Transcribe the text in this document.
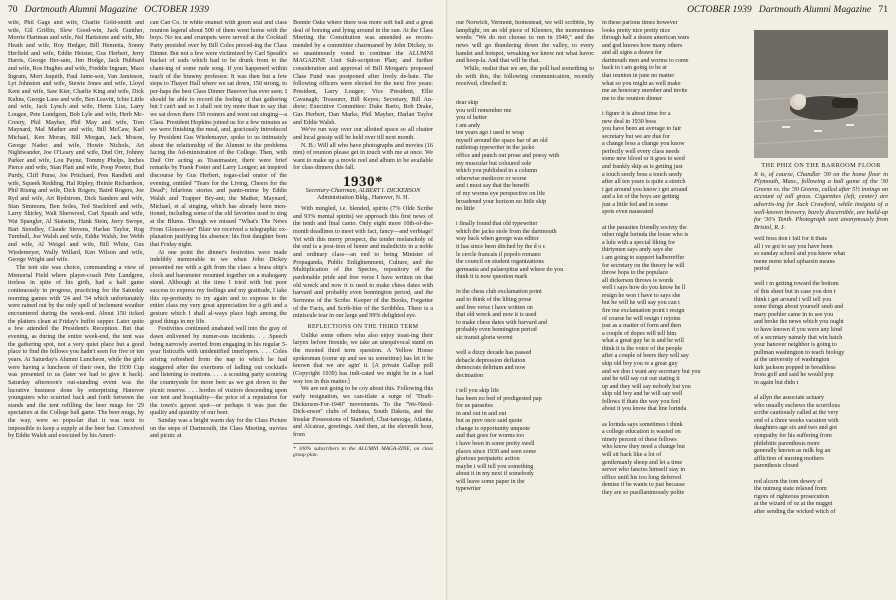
70 Dartmouth Alumni Magazine OCTOBER 1939

wife, Phil Gage and wife, Charlie Gold-smith and wife, Gil Griffin, Slew Good-win, Jack Gunther, Morrie Hartman and wife, Nel Hartstone and wife, Mo Heath and wife, Roy Hedger, Bill Henretta, Sonny Herfield and wife, Eddie Heister, Gus Herbert, Jerry Harris, George Her-sam, Jim Hodge, Jack Hubbard and wife, Ros Hughes and wife, Freddie Ingram, Mace Ingram, Mort Jaquith, Paul Jame-son, Van Jamieson, Lyt Johnston and wife, Stewie Jones and wife, Lloyd Kent and wife, Saw Kier, Charlie King and wife, Dick Kuhns, George Lane and wife, Ben Leavitt, Ichie Little and wife, Jack Lynch and wife, Herm Liss, Larry Lougee, Pete Lundgren, Bob Lyle and wife, Herb Mc-Creery, Phil Mayher, Phil May and wife, Tom Maynard, Mal Mather and wife, Bill McCaw, Karl Michael, Ken Moran, Bill Morgan, Jack Moson, George Nador and wife, Howie Nichols, Art Nightwander, Joe O'Leary and wife, Dud Orr, Johnny Parker and wife, Lou Payne, Tommy Phelps, Inches Pierce and wife, Stan Platt and wife, Poop Poeter, Bud Purdy, Cliff Purse, Joe Pritchard, Pres Randlett and wife, Squeek Redding, Hal Ripley, Heinie Richardson, Phil Rising and wife, Dick Rogers, Baird Rogers, Joe Ryd and wife, Art Rydstrom, Dick Sanders and wife, Stan Simmons, Ben Soles, Ted Stackford and wife, Larry Shirley, Walt Sherwood, Carl Speath and wife, Wat Spangler, Al Statsetts, Hank Stein, Jerry Swope, Bart Stoodley, Claude Stevens, Harlan Taylor, Rog Turnbull, Joe Walsh and wife, Eddie Walsh, Joe Webb and wife, Al Weigel and wife, Bill White, Gus Wiedemeyer, Wally Willard, Ken Wilson and wife, George Wright and wife.

The tent site was choice, commanding a view of Memorial Field where player-coach Pete Lundgren, tireless in spite of his girth, had a half game continuously in progress, practicing for the Saturday morning games with '24 and '34 which unfortunately were rained out by the only spell of inclement weather encountered during the week-end. About 150 ticked the platters clean at Friday's buffet supper. Later quite a few attended the President's Reception. But that evening, as during the entire week-end, the tent was the gathering spot, not a very quiet place but a good place to find the fellows you hadn't seen for five or ten years. At Saturday's Alumni Luncheon, while the girls were having a luncheon of their own, the 1930 Cup was presented to us (later we had to give it back). Saturday afternoon's out-standing event was the lucrative business done by enterprising Hanover youngsters who scurried back and forth between the stands and the tent refilling the beer mugs for '29 spectators at the College ball game. The beer mugs, by the way, were so popu-lar that it was next to impossible to keep a supply at the beer bar. Conceived by Eddie Walsh and executed by his Ameri-

can Can Co. in white enamel with green seal and class reunion legend about 500 of them went home with the boys. No tea and crumpets were served at the Cocktail Party presided over by Bill Coles preced-ing the Class Dinner. But not a few were victimized by Carl Speath's bucket of suds which had to be drunk from to the chant-ing of some rude song. If you happened within reach of the brawny professor. It was then but a few steps to Thayer Hall where we sat down, 150 strong, to per-haps the best Class Dinner Hanover has ever seen. I should be able to record the feeling of that gathering but I can't and so I shall not try more than to say that we sat down there 150 reuners and went out singing—a Class. President Hopkins joined us for a few minutes as we were finishing the meal, and, graciously introduced by President Gus Wiedemayer, spoke to us intimately about the relationship of the Alumni to the problems facing the Ad-ministration of the College. Then, with Dud Orr acting as Toastmaster, there were brief remarks by Frank Foster and Larry Lougee; an inspired discourse by Gus Herbert, togas-clad orator of the evening, entitled "Tears for the Living, Cheers for the Dead"; hilarious stories and panto-mime by Eddie Walsh and Trapper Bry-ant; the Mather, Maynard, Michael, et al singing, which has already been men-tioned, including some of the old favorites used to sing at the Blums. Though we missed "What's The News From Glouces-ter" Blair we received a telegraphic ex-planation justifying his absence: his first daughter born that Friday night.

At one point the dinner's festivities were made indelibly memorable to we when John Dickey presented me with a gift from the class: a brass ship's clock and barometer mounted together on a mahogany stand. Although at the time I tried with but poor success to express my feelings and my gratitude, I take this op-portunity to try again and to express to the entire class my very great appreciation for a gift and a gesture which I shall al-ways place high among the good things in my life.

Festivities continued unabated well into the gray of dawn enlivened by numer-ous incidents. . . .Speech being narrowly averted from engaging in his regular 5-year fisticuffs with unidentified interlopers. . . . Coles arising refreshed from the nap to which he had staggered after the exertions of ladling out cocktails and listening to orations. . . . a scouting party scouring the countryside for more beer as we got down to the picnic reserve. . . . hordes of visitors descending upon our tent and hospitality—the price of a reputation for the town's gayest spot—or perhaps it was just the quality and quantity of our beer.

Sunday was a bright warm day for the Class Picture on the steps of Dartmouth, the Class Meeting, movies and picnic at

Bonnie Oaks where there was more soft ball and a great deal of horsing and lying around in the sun. At the Class Meeting the Constitution was amended as recom-mended by a committee chairmaned by John Dickey, to so unanimously voted to continue the ALUMNI MAGAZINE Unit Sub-scription Plan; and further consideration and approval of Bill Morgan's proposed Class Fund was postponed after lively de-bate. The following officers were elected for the next five years: President, Larry Lougee; Vice President, Ellie Cavanagh; Treasurer, Bill Keyes; Secretary, Bill An-drew; Executive Committee: Duke Barto, Bob Drake, Gus Herbert, Dan Marks, Phil Mayher, Harlan Taylor and Eddie Walsh.

We've run way over our allotted space so all chatter and local gossip will be held over till next month.

N. B.: Will all who have photographs and movies (16 mm) of reunion please get in touch with me at once. We want to make up a movie reel and album to be available for class dinners this fall.

1930*
Secretary-Chairman, ALBERT I. DICKERSON
Administration Bldg., Hanover, N. H.

With mingled, i.e. blended, spirits (7% Olde Scribe and 93% mental spirits) we approach this first news of the tenth and final canto. Only eight more 10th-of-the-month deadlines to meet with fact, fancy—and verbiage! Yet with this merry prospect, the tender melancholy of the end is a posi-tion of honor and maledictio in a noble and ordinary class—an end to being Minister of Propaganda, Public Enlightenment, Culture, and the Multiplication of the Species, repository of the pardonable pride and free verse I have written on that old wreck and now it is used to make chess dates with harvard and probably even bennington period, and the Sermons of the Scribe. Keeper of the Books, Forgetter of the Facts, and Scrib-bler of the Scribbles. There is a miniscule tear in our large and 99% delighted eye.

REFLECTIONS ON THE THIRD TERM

Unlike some others who also enjoy toast-ing their larynx before fireside, we take an unequivocal stand on the mooted third term question. A Yellow House spokesman (come up and see us sometime) has let it be known that we are agin' it. [A private Gallup poll (Copyright 1939) has indi-cated we might be in a bad way too in this matter.]

We are not going to be coy about this. Following this early resignation, we can-tilate a surge of "Draft-Dickerson-For-1940" movements. To the "We-Need-Dick-erson" clubs of Indiana, South Dakota, and the Insular Possessions of Stamford, Chat-tanooga, Atlanta, and Alcatraz, greetings. And then, at the eleventh hour, from

* 100% subscribers to the ALUMNI MAGA-ZINE, on class group plan.
OCTOBER 1939 Dartmouth Alumni Magazine 71

our Norwich, Vermont, homestead, we will scribble, by lamplight, on an old piece of Kleenex, the momentous words: "We do not choose to run in 1940," and the news will go thundering down the valley, to every hamlet and hotspot, wreaking we know not what havoc and hoop-la. And that will be that.

While, realist that we are, the poll had something to do with this, the following communication, recently received, clinched it:

dear skip
you will remember me
you ol better
i am andy
ten years ago i used to wrap
myself around the space bar of an old
rattletrap typewriter in the jacko
office and punch out prose and poesy with
my muscular but coloured sole
which you published in a column
otherwise mediocre or worse
and i must say that the benefit
of my worms eye perspective on life
broadened your horizon no little skip
no little

i finally found that old typewriter
which the jacko stole from the dartmouth
way back when george was editor
it has since been ditched by the d o c
le cercle francais il popolo romano
the council on student organizations
germania and palaeopitus and where do you
think it is now question mark

in the chess club exclamation point
and to think of the lilting prose
and free verse i have written on
that old wreck and now it is used
to make chess dates with harvard and
probably even bennington period
sic transit gloria wormi

well a dizzy decade has passed
debacle depression deflation
democrats delirium and now
decimation

i tell you skip life
has been no bed of predigested pap
for us parasites
in and out in and out
but as prev once said quote
change is opportunity unquote
and that goes for worms too
i have been in some pretty swell
places since 1930 and seen some
glorious peripatetic action
maybe i will tell you something
about it in my next if somebody
will leave some paper in the
typewriter
in these parlous times however
looks pretty nice pretty nice
through half a dozen american wars
and god knows how many others
and all signs a drawn for
dartmouth men and worms to come
back to i am going to be at
that reunion in june no matter
what so you might as well make
me an honorary member and invite
me to the reunion dinner

i figure it is about time for a
new deal in 1930 boss
you have been an average to fair
secretary but we are due for
a change boss a change you know
perfectly well every class needs
some new blood or it goes to seed
and frankly skip as is getting just
a touch seedy boss a touch seedy
after all ten years is quite a stretch
i get around you know i get around
and a lot of the boys are getting
just a little fed and in some
spots even nauseated

at the parasites friendly society the
other night lorinda the louse who is
a lulu with a special liking for
thirtymen says andy says she
i am going to support halberreffer
for secretary on the theory he will
throw hops to the populace
all dickerson throws is words
well i says how do you know he ll
resign he won t have to says she
but he will he will say you can t
fire me exclamation point i resign
of course he will resign i rejoins
just as a matter of form and then
a couple of dopes will tell him
what a great guy he is and he will
think it is the voice of the people
after a couple of beers they will say
skip old boy you re a great guy
and we don t want any secretary but you
and he will say cut out stating it
up and they will say nobody but you
skip old boy and he will say well
fellows if thats the way you feel
about it you know that line lorinda

as lorinda says sometimes i think
a college education is wasted on
ninety percent of these fellows
who know they need a change but
will sit back like a lot of
gentlemanly sheep and let a time
server who fancies himself stay in
office until his too long deferred
demise if he wants to just because
they are so pusillanimously polite
THE PHIZ ON THE BARROOM FLOOR
It is, of course, Chandler '30 on the home floor in Plymouth, Mass., following a ball game of the '30 Greens vs. the '30 Greens, called after 5½ innings on account of tall grass. Cigarettes (left, center) are advertis-ing for Jack Crawford, while insignia of a well-known brewery, barely discernible, are build-up for '30's Tenth. Photograph sent anonymously from Bristol, R. I.
well boss don t fall for it thats
all i ve got to say you have been
so sunday school and you know what
mene mene tekel upharsin means
period

well i m getting toward the bottom
of this sheet but in case you don t
think i get around i will tell you
some things about yourself snub and
mary poehler came in to see you
and broke the news which you ought
to have known if you were any kind
of a secretary namely that win hatch
your hanover neighbor is going to
pullman washington to teach biology
at the university of washington
kirk jackson popped in breathless
from golf and said he would pop
in again but didn t

al allyn the associate actuary
who usually eschews the scurrilous
scribe cautiously called at the very
end of a three weeks vacation with
daughters age six and two and got
sympathy for his suffering from
philebitis parenthesis more
generally known as milk leg an
affliction of nursing mothers
parenthesis closed

red alcorn the tom dewey of
the nutmeg state relaxed from
rigors of righteous prosecution
at the wizard of oz at the nugget
after sending the wicked witch of
